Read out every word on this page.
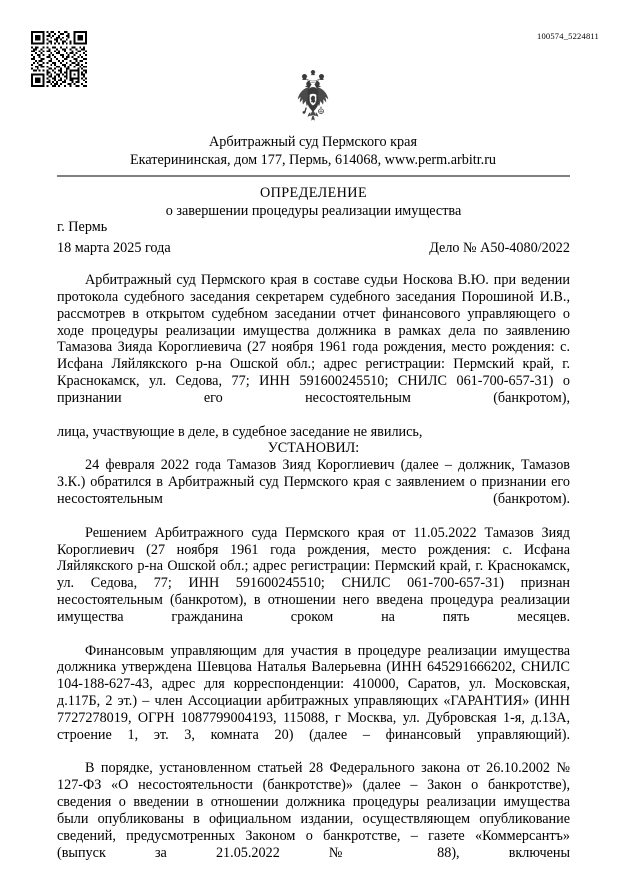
100574_5224811
Арбитражный суд Пермского края
Екатерининская, дом 177, Пермь, 614068, www.perm.arbitr.ru
ОПРЕДЕЛЕНИЕ
о завершении процедуры реализации имущества
г. Пермь
18 марта 2025 года	Дело № А50-4080/2022

Арбитражный суд Пермского края в составе судьи Носкова В.Ю. при ведении протокола судебного заседания секретарем судебного заседания Порошиной И.В., рассмотрев в открытом судебном заседании отчет финансового управляющего о ходе процедуры реализации имущества должника в рамках дела по заявлению Тамазова Зияда Короглиевича (27 ноября 1961 года рождения, место рождения: с. Исфана Ляйлякского р-на Ошской обл.; адрес регистрации: Пермский край, г. Краснокамск, ул. Седова, 77; ИНН 591600245510; СНИЛС 061-700-657-31) о признании его несостоятельным (банкротом),

лица, участвующие в деле, в судебное заседание не явились,

УСТАНОВИЛ:

24 февраля 2022 года Тамазов Зияд Короглиевич (далее – должник, Тамазов З.К.) обратился в Арбитражный суд Пермского края с заявлением о признании его несостоятельным (банкротом).

Решением Арбитражного суда Пермского края от 11.05.2022 Тамазов Зияд Короглиевич (27 ноября 1961 года рождения, место рождения: с. Исфана Ляйлякского р-на Ошской обл.; адрес регистрации: Пермский край, г. Краснокамск, ул. Седова, 77; ИНН 591600245510; СНИЛС 061-700-657-31) признан несостоятельным (банкротом), в отношении него введена процедура реализации имущества гражданина сроком на пять месяцев.

Финансовым управляющим для участия в процедуре реализации имущества должника утверждена Шевцова Наталья Валерьевна (ИНН 645291666202, СНИЛС 104-188-627-43, адрес для корреспонденции: 410000, Саратов, ул. Московская, д.117Б, 2 эт.) – член Ассоциации арбитражных управляющих «ГАРАНТИЯ» (ИНН 7727278019, ОГРН 1087799004193, 115088, г Москва, ул. Дубровская 1-я, д.13А, строение 1, эт. 3, комната 20) (далее – финансовый управляющий).

В порядке, установленном статьей 28 Федерального закона от 26.10.2002 № 127-ФЗ «О несостоятельности (банкротстве)» (далее – Закон о банкротстве), сведения о введении в отношении должника процедуры реализации имущества были опубликованы в официальном издании, осуществляющем опубликование сведений, предусмотренных Законом о банкротстве, – газете «Коммерсантъ» (выпуск за 21.05.2022 № 88), включены
